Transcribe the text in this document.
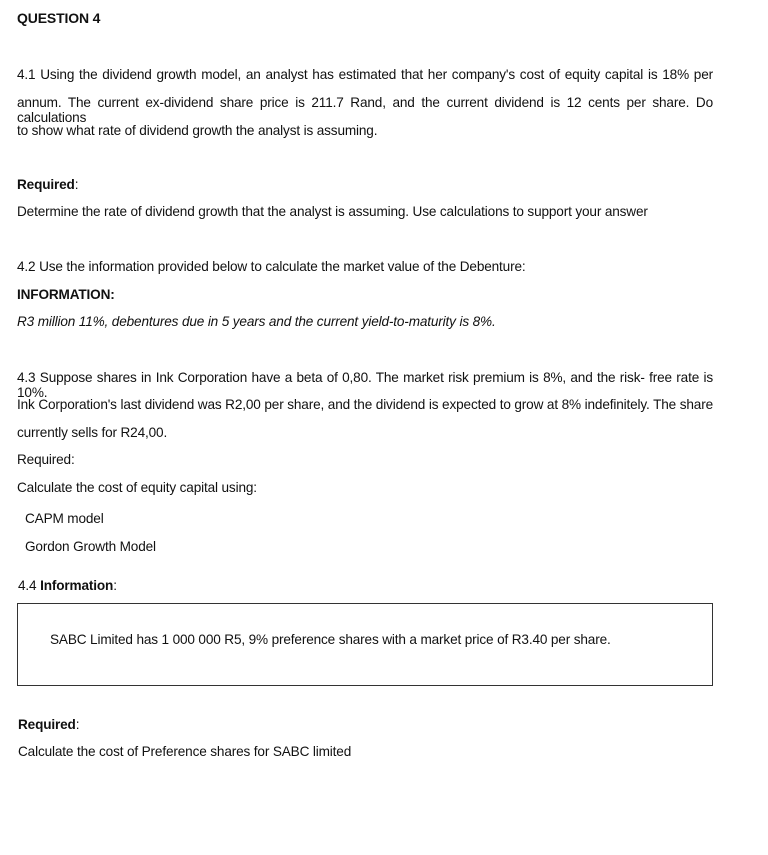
QUESTION 4
4.1 Using the dividend growth model, an analyst has estimated that her company's cost of equity capital is 18% per
annum. The current ex-dividend share price is 211.7 Rand, and the current dividend is 12 cents per share. Do calculations
to show what rate of dividend growth the analyst is assuming.
Required:
Determine the rate of dividend growth that the analyst is assuming. Use calculations to support your answer
4.2 Use the information provided below to calculate the market value of the Debenture:
INFORMATION:
R3 million 11%, debentures due in 5 years and the current yield-to-maturity is 8%.
4.3 Suppose shares in Ink Corporation have a beta of 0,80. The market risk premium is 8%, and the risk- free rate is 10%.
Ink Corporation's last dividend was R2,00 per share, and the dividend is expected to grow at 8% indefinitely. The share
currently sells for R24,00.
Required:
Calculate the cost of equity capital using:
CAPM model
Gordon Growth Model
4.4 Information:
SABC Limited has 1 000 000 R5, 9% preference shares with a market price of R3.40 per share.
Required:
Calculate the cost of Preference shares for SABC limited
